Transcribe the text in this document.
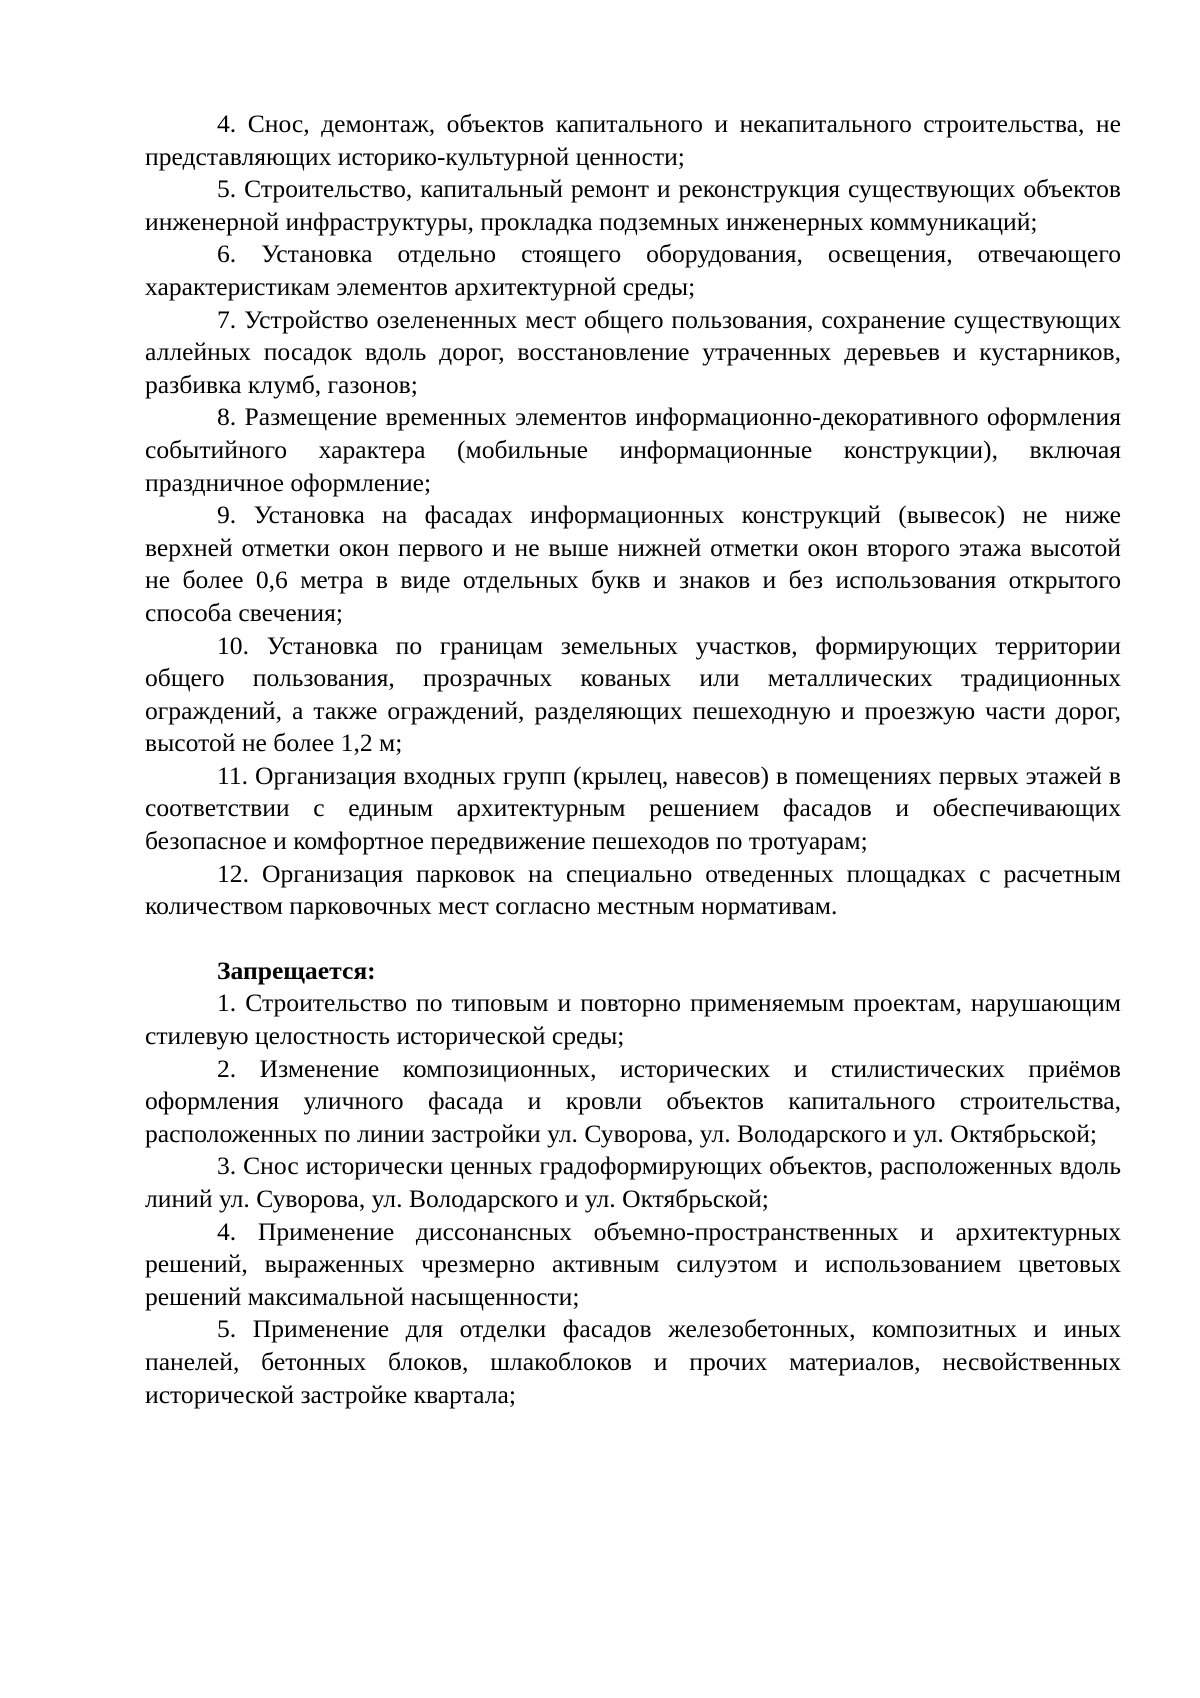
4. Снос, демонтаж, объектов капитального и некапитального строительства, не представляющих историко-культурной ценности;

5. Строительство, капитальный ремонт и реконструкция существующих объектов инженерной инфраструктуры, прокладка подземных инженерных коммуникаций;

6. Установка отдельно стоящего оборудования, освещения, отвечающего характеристикам элементов архитектурной среды;

7. Устройство озелененных мест общего пользования, сохранение существующих аллейных посадок вдоль дорог, восстановление утраченных деревьев и кустарников, разбивка клумб, газонов;

8. Размещение временных элементов информационно-декоративного оформления событийного характера (мобильные информационные конструкции), включая праздничное оформление;

9. Установка на фасадах информационных конструкций (вывесок) не ниже верхней отметки окон первого и не выше нижней отметки окон второго этажа высотой не более 0,6 метра в виде отдельных букв и знаков и без использования открытого способа свечения;

10. Установка по границам земельных участков, формирующих территории общего пользования, прозрачных кованых или металлических традиционных ограждений, а также ограждений, разделяющих пешеходную и проезжую части дорог, высотой не более 1,2 м;

11. Организация входных групп (крылец, навесов) в помещениях первых этажей в соответствии с единым архитектурным решением фасадов и обеспечивающих безопасное и комфортное передвижение пешеходов по тротуарам;

12. Организация парковок на специально отведенных площадках с расчетным количеством парковочных мест согласно местным нормативам.

Запрещается:

1. Строительство по типовым и повторно применяемым проектам, нарушающим стилевую целостность исторической среды;

2. Изменение композиционных, исторических и стилистических приёмов оформления уличного фасада и кровли объектов капитального строительства, расположенных по линии застройки ул. Суворова, ул. Володарского и ул. Октябрьской;

3. Снос исторически ценных градоформирующих объектов, расположенных вдоль линий ул. Суворова, ул. Володарского и ул. Октябрьской;

4. Применение диссонансных объемно-пространственных и архитектурных решений, выраженных чрезмерно активным силуэтом и использованием цветовых решений максимальной насыщенности;

5. Применение для отделки фасадов железобетонных, композитных и иных панелей, бетонных блоков, шлакоблоков и прочих материалов, несвойственных исторической застройке квартала;
